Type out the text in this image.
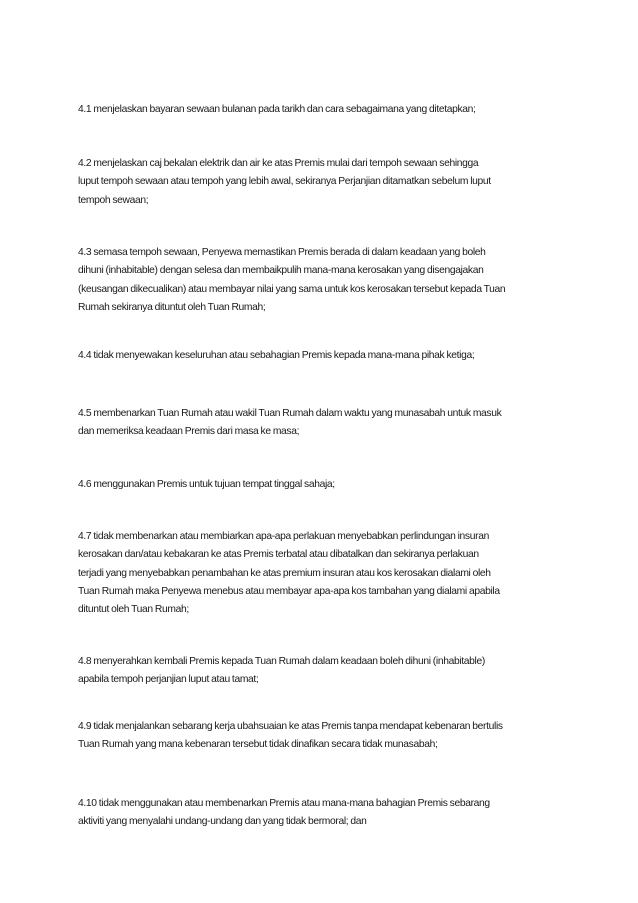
4.1 menjelaskan bayaran sewaan bulanan pada tarikh dan cara sebagaimana yang ditetapkan;

4.2 menjelaskan caj bekalan elektrik dan air ke atas Premis mulai dari tempoh sewaan sehingga
luput tempoh sewaan atau tempoh yang lebih awal, sekiranya Perjanjian ditamatkan sebelum luput
tempoh sewaan;

4.3 semasa tempoh sewaan, Penyewa memastikan Premis berada di dalam keadaan yang boleh
dihuni (inhabitable) dengan selesa dan membaikpulih mana-mana kerosakan yang disengajakan
(keusangan dikecualikan) atau membayar nilai yang sama untuk kos kerosakan tersebut kepada Tuan
Rumah sekiranya dituntut oleh Tuan Rumah;

4.4 tidak menyewakan keseluruhan atau sebahagian Premis kepada mana-mana pihak ketiga;

4.5 membenarkan Tuan Rumah atau wakil Tuan Rumah dalam waktu yang munasabah untuk masuk
dan memeriksa keadaan Premis dari masa ke masa;

4.6 menggunakan Premis untuk tujuan tempat tinggal sahaja;

4.7 tidak membenarkan atau membiarkan apa-apa perlakuan menyebabkan perlindungan insuran
kerosakan dan/atau kebakaran ke atas Premis terbatal atau dibatalkan dan sekiranya perlakuan
terjadi yang menyebabkan penambahan ke atas premium insuran atau kos kerosakan dialami oleh
Tuan Rumah maka Penyewa menebus atau membayar apa-apa kos tambahan yang dialami apabila
dituntut oleh Tuan Rumah;

4.8 menyerahkan kembali Premis kepada Tuan Rumah dalam keadaan boleh dihuni (inhabitable)
apabila tempoh perjanjian luput atau tamat;

4.9 tidak menjalankan sebarang kerja ubahsuaian ke atas Premis tanpa mendapat kebenaran bertulis
Tuan Rumah yang mana kebenaran tersebut tidak dinafikan secara tidak munasabah;

4.10 tidak menggunakan atau membenarkan Premis atau mana-mana bahagian Premis sebarang
aktiviti yang menyalahi undang-undang dan yang tidak bermoral; dan
